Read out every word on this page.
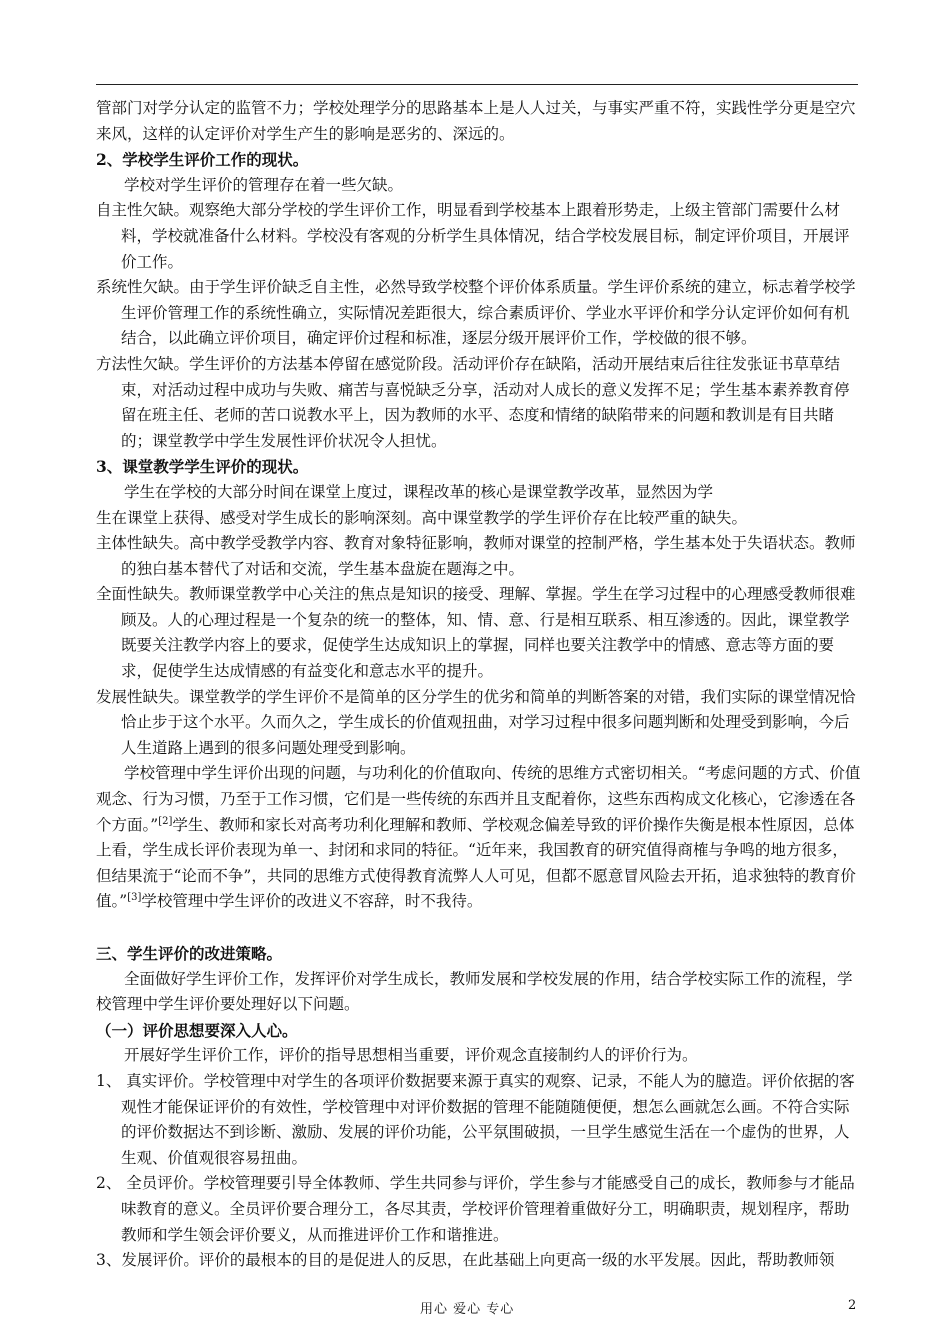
管部门对学分认定的监管不力；学校处理学分的思路基本上是人人过关，与事实严重不符，实践性学分更是空穴来风，这样的认定评价对学生产生的影响是恶劣的、深远的。

2、学校学生评价工作的现状。

学校对学生评价的管理存在着一些欠缺。

自主性欠缺。观察绝大部分学校的学生评价工作，明显看到学校基本上跟着形势走，上级主管部门需要什么材料，学校就准备什么材料。学校没有客观的分析学生具体情况，结合学校发展目标，制定评价项目，开展评价工作。

系统性欠缺。由于学生评价缺乏自主性，必然导致学校整个评价体系质量。学生评价系统的建立，标志着学校学生评价管理工作的系统性确立，实际情况差距很大，综合素质评价、学业水平评价和学分认定评价如何有机结合，以此确立评价项目，确定评价过程和标准，逐层分级开展评价工作，学校做的很不够。

方法性欠缺。学生评价的方法基本停留在感觉阶段。活动评价存在缺陷，活动开展结束后往往发张证书草草结束，对活动过程中成功与失败、痛苦与喜悦缺乏分享，活动对人成长的意义发挥不足；学生基本素养教育停留在班主任、老师的苦口说教水平上，因为教师的水平、态度和情绪的缺陷带来的问题和教训是有目共睹的；课堂教学中学生发展性评价状况令人担忧。

3、课堂教学学生评价的现状。

学生在学校的大部分时间在课堂上度过，课程改革的核心是课堂教学改革，显然因为学

生在课堂上获得、感受对学生成长的影响深刻。高中课堂教学的学生评价存在比较严重的缺失。

主体性缺失。高中教学受教学内容、教育对象特征影响，教师对课堂的控制严格，学生基本处于失语状态。教师的独白基本替代了对话和交流，学生基本盘旋在题海之中。

全面性缺失。教师课堂教学中心关注的焦点是知识的接受、理解、掌握。学生在学习过程中的心理感受教师很难顾及。人的心理过程是一个复杂的统一的整体，知、情、意、行是相互联系、相互渗透的。因此，课堂教学既要关注教学内容上的要求，促使学生达成知识上的掌握，同样也要关注教学中的情感、意志等方面的要求，促使学生达成情感的有益变化和意志水平的提升。

发展性缺失。课堂教学的学生评价不是简单的区分学生的优劣和简单的判断答案的对错，我们实际的课堂情况恰恰止步于这个水平。久而久之，学生成长的价值观扭曲，对学习过程中很多问题判断和处理受到影响，今后人生道路上遇到的很多问题处理受到影响。

学校管理中学生评价出现的问题，与功利化的价值取向、传统的思维方式密切相关。“考虑问题的方式、价值观念、行为习惯，乃至于工作习惯，它们是一些传统的东西并且支配着你，这些东西构成文化核心，它渗透在各个方面。”[2]学生、教师和家长对高考功利化理解和教师、学校观念偏差导致的评价操作失衡是根本性原因，总体上看，学生成长评价表现为单一、封闭和求同的特征。“近年来，我国教育的研究值得商榷与争鸣的地方很多，但结果流于“论而不争”，共同的思维方式使得教育流弊人人可见，但都不愿意冒风险去开拓，追求独特的教育价值。”[3]学校管理中学生评价的改进义不容辞，时不我待。

三、学生评价的改进策略。

全面做好学生评价工作，发挥评价对学生成长，教师发展和学校发展的作用，结合学校实际工作的流程，学校管理中学生评价要处理好以下问题。

（一）评价思想要深入人心。

开展好学生评价工作，评价的指导思想相当重要，评价观念直接制约人的评价行为。

1、 真实评价。学校管理中对学生的各项评价数据要来源于真实的观察、记录，不能人为的臆造。评价依据的客观性才能保证评价的有效性，学校管理中对评价数据的管理不能随随便便，想怎么画就怎么画。不符合实际的评价数据达不到诊断、激励、发展的评价功能，公平氛围破损，一旦学生感觉生活在一个虚伪的世界，人生观、价值观很容易扭曲。

2、 全员评价。学校管理要引导全体教师、学生共同参与评价，学生参与才能感受自己的成长，教师参与才能品味教育的意义。全员评价要合理分工，各尽其责，学校评价管理着重做好分工，明确职责，规划程序，帮助教师和学生领会评价要义，从而推进评价工作和谐推进。

3、发展评价。评价的最根本的目的是促进人的反思，在此基础上向更高一级的水平发展。因此，帮助教师领

用心 爱心 专心	2
